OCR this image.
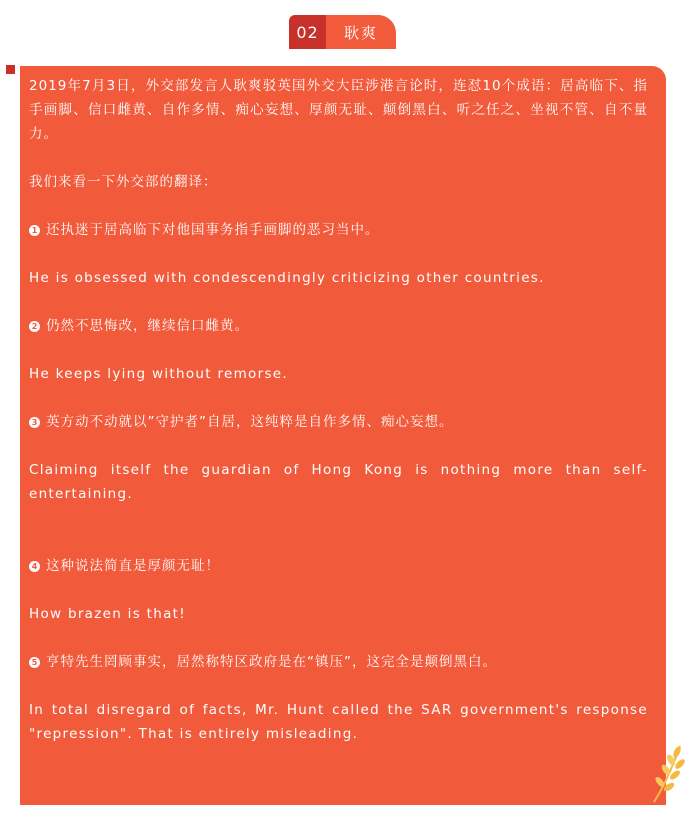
02	耿爽

2019年7月3日，外交部发言人耿爽驳英国外交大臣涉港言论时，连怼10个成语：居高临下、指手画脚、信口雌黄、自作多情、痴心妄想、厚颜无耻、颠倒黑白、听之任之、坐视不管、自不量力。

我们来看一下外交部的翻译：

1 还执迷于居高临下对他国事务指手画脚的恶习当中。

He is obsessed with condescendingly criticizing other countries.

2 仍然不思悔改，继续信口雌黄。

He keeps lying without remorse.

3 英方动不动就以”守护者”自居，这纯粹是自作多情、痴心妄想。

Claiming itself the guardian of Hong Kong is nothing more than self-entertaining.

4 这种说法简直是厚颜无耻！

How brazen is that!

5 亨特先生罔顾事实，居然称特区政府是在“镇压”，这完全是颠倒黑白。

In total disregard of facts, Mr. Hunt called the SAR government's response "repression". That is entirely misleading.
